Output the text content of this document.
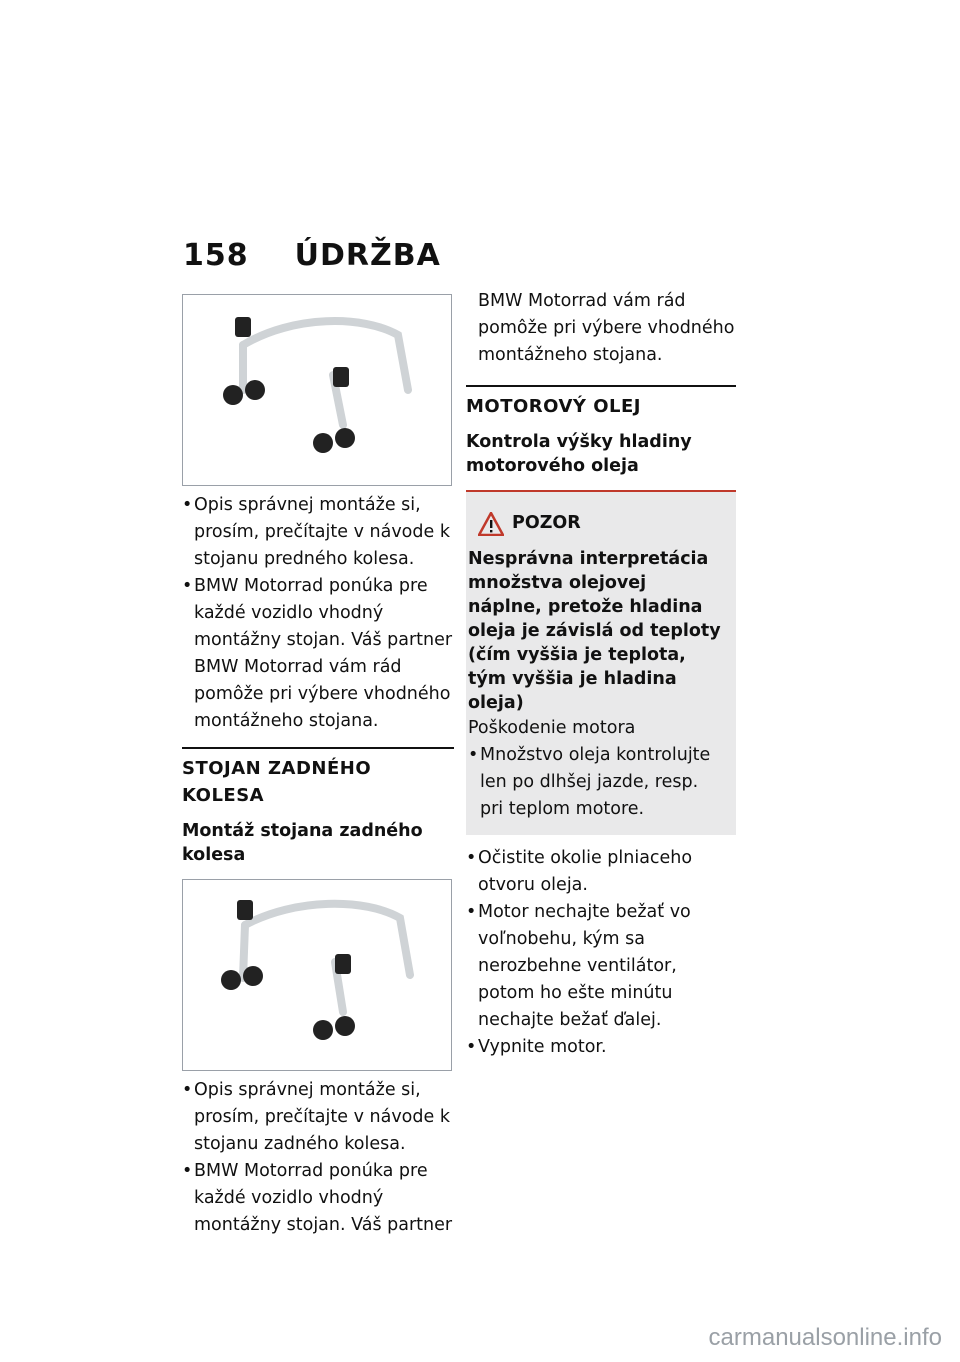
158 ÚDRŽBA
• Opis správnej montáže si, prosím, prečítajte v návode k stojanu predného kolesa.
• BMW Motorrad ponúka pre každé vozidlo vhodný montážny stojan. Váš partner BMW Motorrad vám rád pomôže pri výbere vhodného montážneho stojana.
STOJAN ZADNÉHO KOLESA
Montáž stojana zadného kolesa
• Opis správnej montáže si, prosím, prečítajte v návode k stojanu zadného kolesa.
• BMW Motorrad ponúka pre každé vozidlo vhodný montážny stojan. Váš partner
BMW Motorrad vám rád pomôže pri výbere vhodného montážneho stojana.
MOTOROVÝ OLEJ
Kontrola výšky hladiny motorového oleja
POZOR
Nesprávna interpretácia množstva olejovej náplne, pretože hladina oleja je závislá od teploty (čím vyššia je teplota, tým vyššia je hladina oleja)
Poškodenie motora
• Množstvo oleja kontrolujte len po dlhšej jazde, resp. pri teplom motore.
• Očistite okolie plniaceho otvoru oleja.
• Motor nechajte bežať vo voľnobehu, kým sa nerozbehne ventilátor, potom ho ešte minútu nechajte bežať ďalej.
• Vypnite motor.
carmanualsonline.info
